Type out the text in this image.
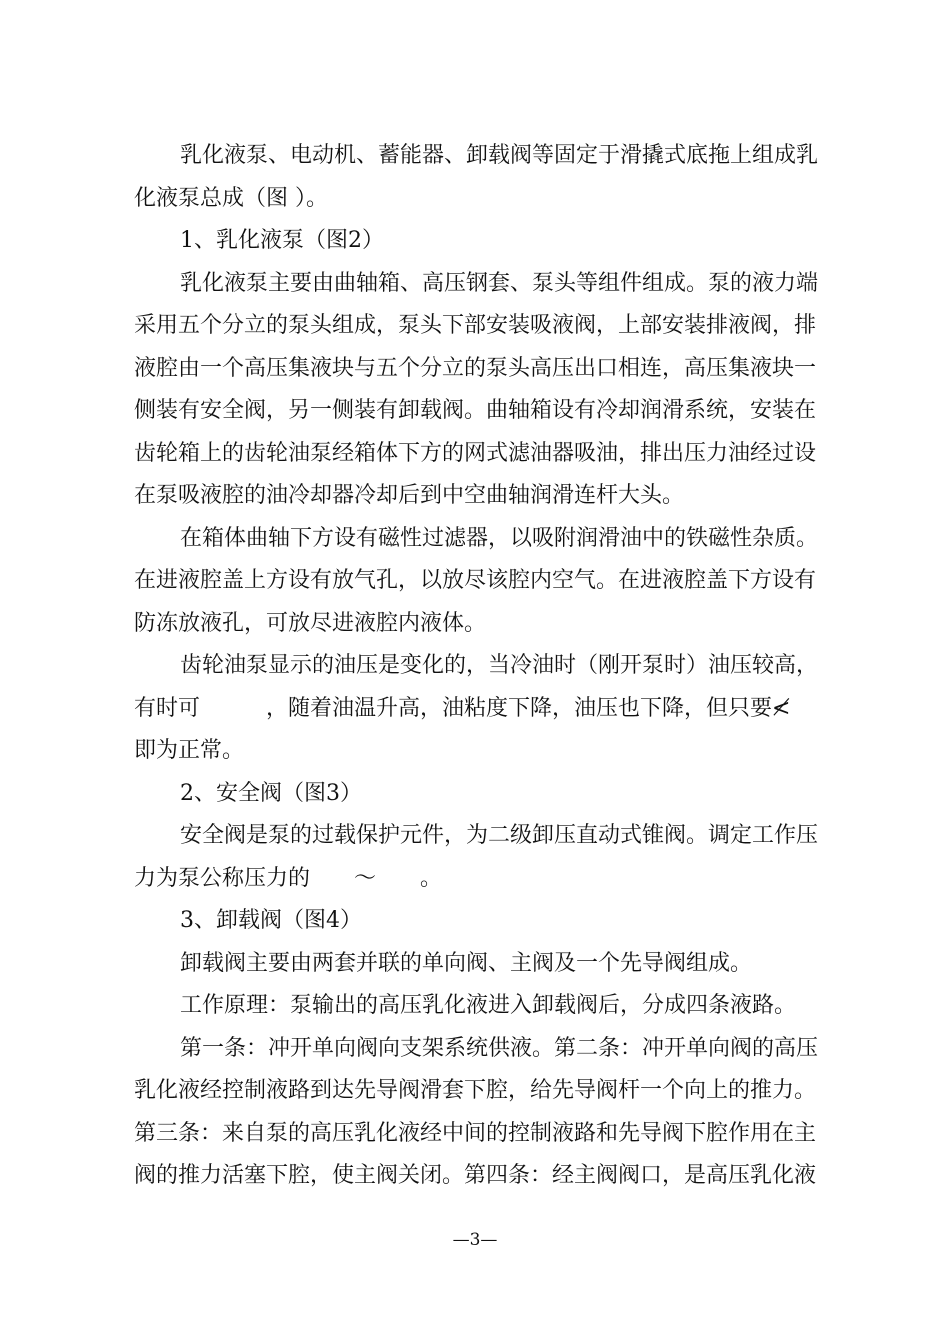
乳化液泵、电动机、蓄能器、卸载阀等固定于滑撬式底拖上组成乳
化液泵总成（图 ）。
1、乳化液泵（图2）
乳化液泵主要由曲轴箱、高压钢套、泵头等组件组成。泵的液力端
采用五个分立的泵头组成，泵头下部安装吸液阀，上部安装排液阀，排
液腔由一个高压集液块与五个分立的泵头高压出口相连，高压集液块一
侧装有安全阀，另一侧装有卸载阀。曲轴箱设有冷却润滑系统，安装在
齿轮箱上的齿轮油泵经箱体下方的网式滤油器吸油，排出压力油经过设
在泵吸液腔的油冷却器冷却后到中空曲轴润滑连杆大头。
在箱体曲轴下方设有磁性过滤器，以吸附润滑油中的铁磁性杂质。
在进液腔盖上方设有放气孔，以放尽该腔内空气。在进液腔盖下方设有
防冻放液孔，可放尽进液腔内液体。
齿轮油泵显示的油压是变化的，当冷油时（刚开泵时）油压较高，
有时可　　　，随着油温升高，油粘度下降，油压也下降，但只要≮
即为正常。
2、安全阀（图3）
安全阀是泵的过载保护元件，为二级卸压直动式锥阀。调定工作压
力为泵公称压力的　　～　　。
3、卸载阀（图4）
卸载阀主要由两套并联的单向阀、主阀及一个先导阀组成。
工作原理：泵输出的高压乳化液进入卸载阀后，分成四条液路。
第一条：冲开单向阀向支架系统供液。第二条：冲开单向阀的高压
乳化液经控制液路到达先导阀滑套下腔，给先导阀杆一个向上的推力。
第三条：来自泵的高压乳化液经中间的控制液路和先导阀下腔作用在主
阀的推力活塞下腔，使主阀关闭。第四条：经主阀阀口，是高压乳化液
—3—
